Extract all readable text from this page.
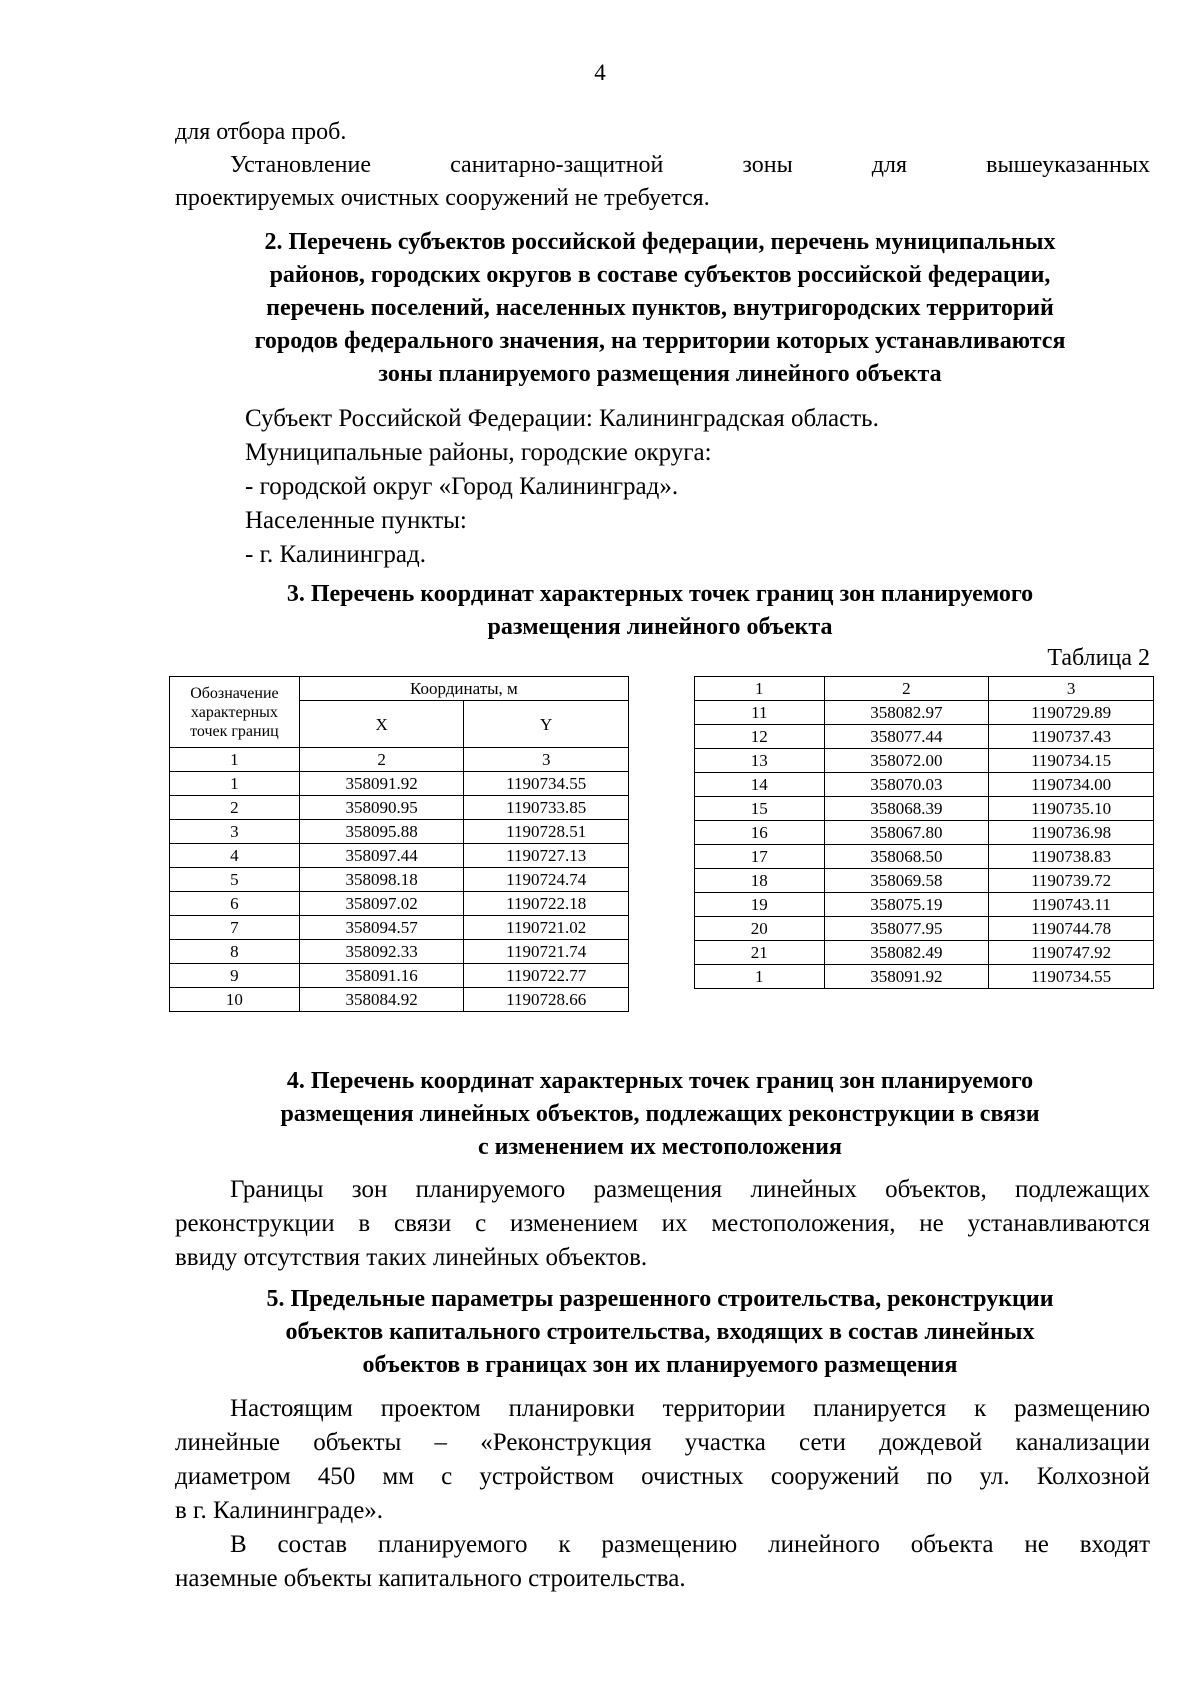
4

для отбора проб.

Установление санитарно-защитной зоны для вышеуказанных

проектируемых очистных сооружений не требуется.

2. Перечень субъектов российской федерации, перечень муниципальных
районов, городских округов в составе субъектов российской федерации,
перечень поселений, населенных пунктов, внутригородских территорий
городов федерального значения, на территории которых устанавливаются
зоны планируемого размещения линейного объекта

Субъект Российской Федерации: Калининградская область.

Муниципальные районы, городские округа:

- городской округ «Город Калининград».

Населенные пункты:

- г. Калининград.

3. Перечень координат характерных точек границ зон планируемого
размещения линейного объекта

Таблица 2
Обозначение характерных точек границ	Координаты, м	
	X	Y
1	2	3
1	358091.92	1190734.55
2	358090.95	1190733.85
3	358095.88	1190728.51
4	358097.44	1190727.13
5	358098.18	1190724.74
6	358097.02	1190722.18
7	358094.57	1190721.02
8	358092.33	1190721.74
9	358091.16	1190722.77
10	358084.92	1190728.66
1	2	3
11	358082.97	1190729.89
12	358077.44	1190737.43
13	358072.00	1190734.15
14	358070.03	1190734.00
15	358068.39	1190735.10
16	358067.80	1190736.98
17	358068.50	1190738.83
18	358069.58	1190739.72
19	358075.19	1190743.11
20	358077.95	1190744.78
21	358082.49	1190747.92
1	358091.92	1190734.55

4. Перечень координат характерных точек границ зон планируемого
размещения линейных объектов, подлежащих реконструкции в связи
с изменением их местоположения

Границы зон планируемого размещения линейных объектов, подлежащих

реконструкции в связи с изменением их местоположения, не устанавливаются

ввиду отсутствия таких линейных объектов.

5. Предельные параметры разрешенного строительства, реконструкции
объектов капитального строительства, входящих в состав линейных
объектов в границах зон их планируемого размещения

Настоящим проектом планировки территории планируется к размещению

линейные объекты – «Реконструкция участка сети дождевой канализации

диаметром 450 мм с устройством очистных сооружений по ул. Колхозной

в г. Калининграде».

В состав планируемого к размещению линейного объекта не входят

наземные объекты капитального строительства.
